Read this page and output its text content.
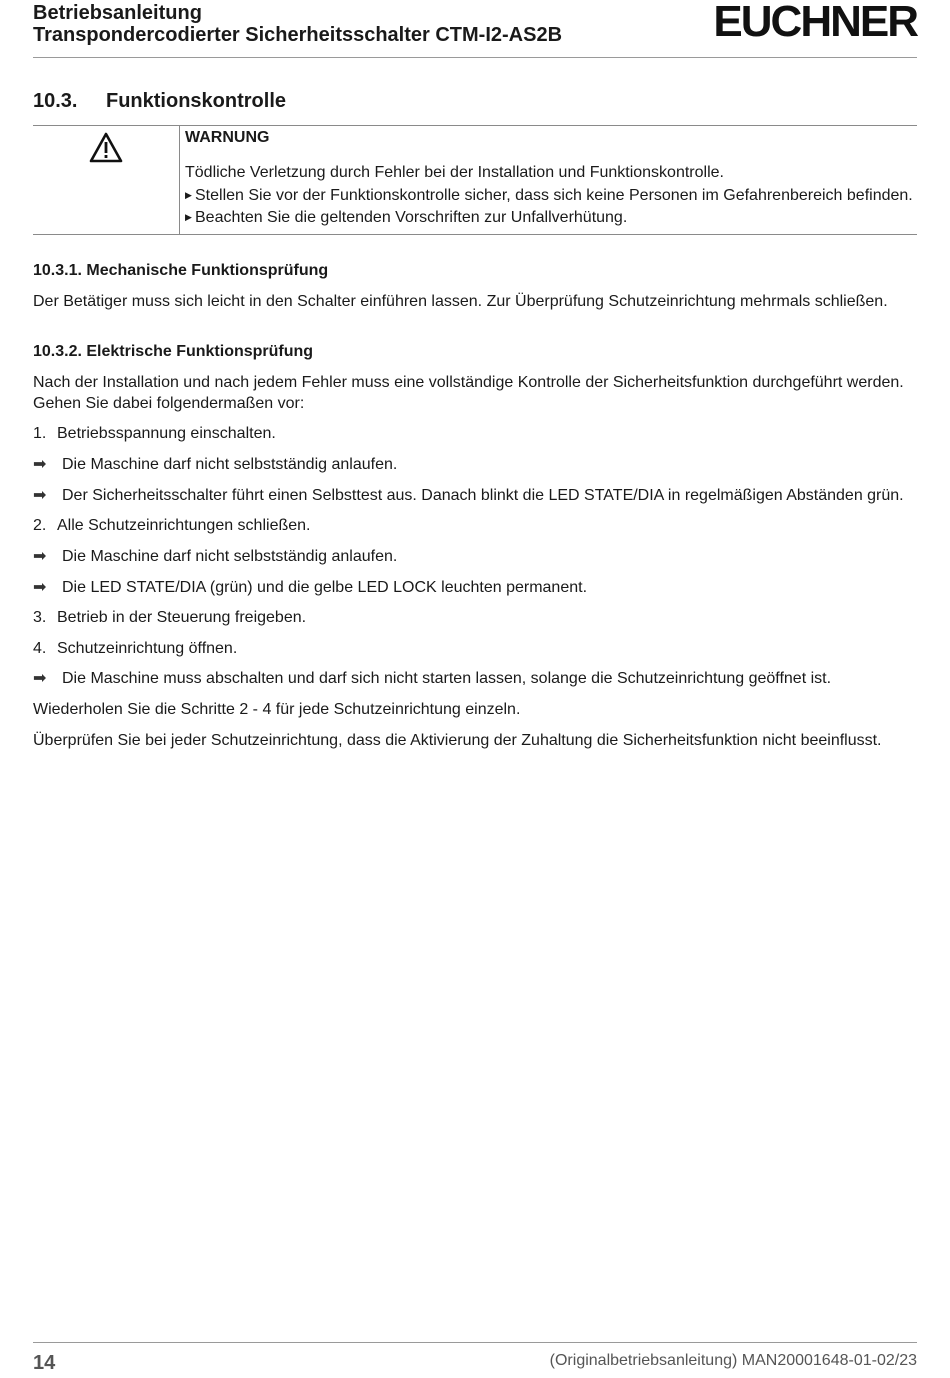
Betriebsanleitung
Transpondercodierter Sicherheitsschalter CTM-I2-AS2B	EUCHNER
10.3. Funktionskontrolle
WARNUNG
Tödliche Verletzung durch Fehler bei der Installation und Funktionskontrolle.
▶ Stellen Sie vor der Funktionskontrolle sicher, dass sich keine Personen im Gefahrenbereich befinden.
▶ Beachten Sie die geltenden Vorschriften zur Unfallverhütung.
10.3.1. Mechanische Funktionsprüfung
Der Betätiger muss sich leicht in den Schalter einführen lassen. Zur Überprüfung Schutzeinrichtung mehrmals schließen.
10.3.2. Elektrische Funktionsprüfung
Nach der Installation und nach jedem Fehler muss eine vollständige Kontrolle der Sicherheitsfunktion durchgeführt werden.
Gehen Sie dabei folgendermaßen vor:
1. Betriebsspannung einschalten.
➡ Die Maschine darf nicht selbstständig anlaufen.
➡ Der Sicherheitsschalter führt einen Selbsttest aus. Danach blinkt die LED STATE/DIA in regelmäßigen Abständen grün.
2. Alle Schutzeinrichtungen schließen.
➡ Die Maschine darf nicht selbstständig anlaufen.
➡ Die LED STATE/DIA (grün) und die gelbe LED LOCK leuchten permanent.
3. Betrieb in der Steuerung freigeben.
4. Schutzeinrichtung öffnen.
➡ Die Maschine muss abschalten und darf sich nicht starten lassen, solange die Schutzeinrichtung geöffnet ist.
Wiederholen Sie die Schritte 2 - 4 für jede Schutzeinrichtung einzeln.
Überprüfen Sie bei jeder Schutzeinrichtung, dass die Aktivierung der Zuhaltung die Sicherheitsfunktion nicht beeinflusst.
14	(Originalbetriebsanleitung) MAN20001648-01-02/23
